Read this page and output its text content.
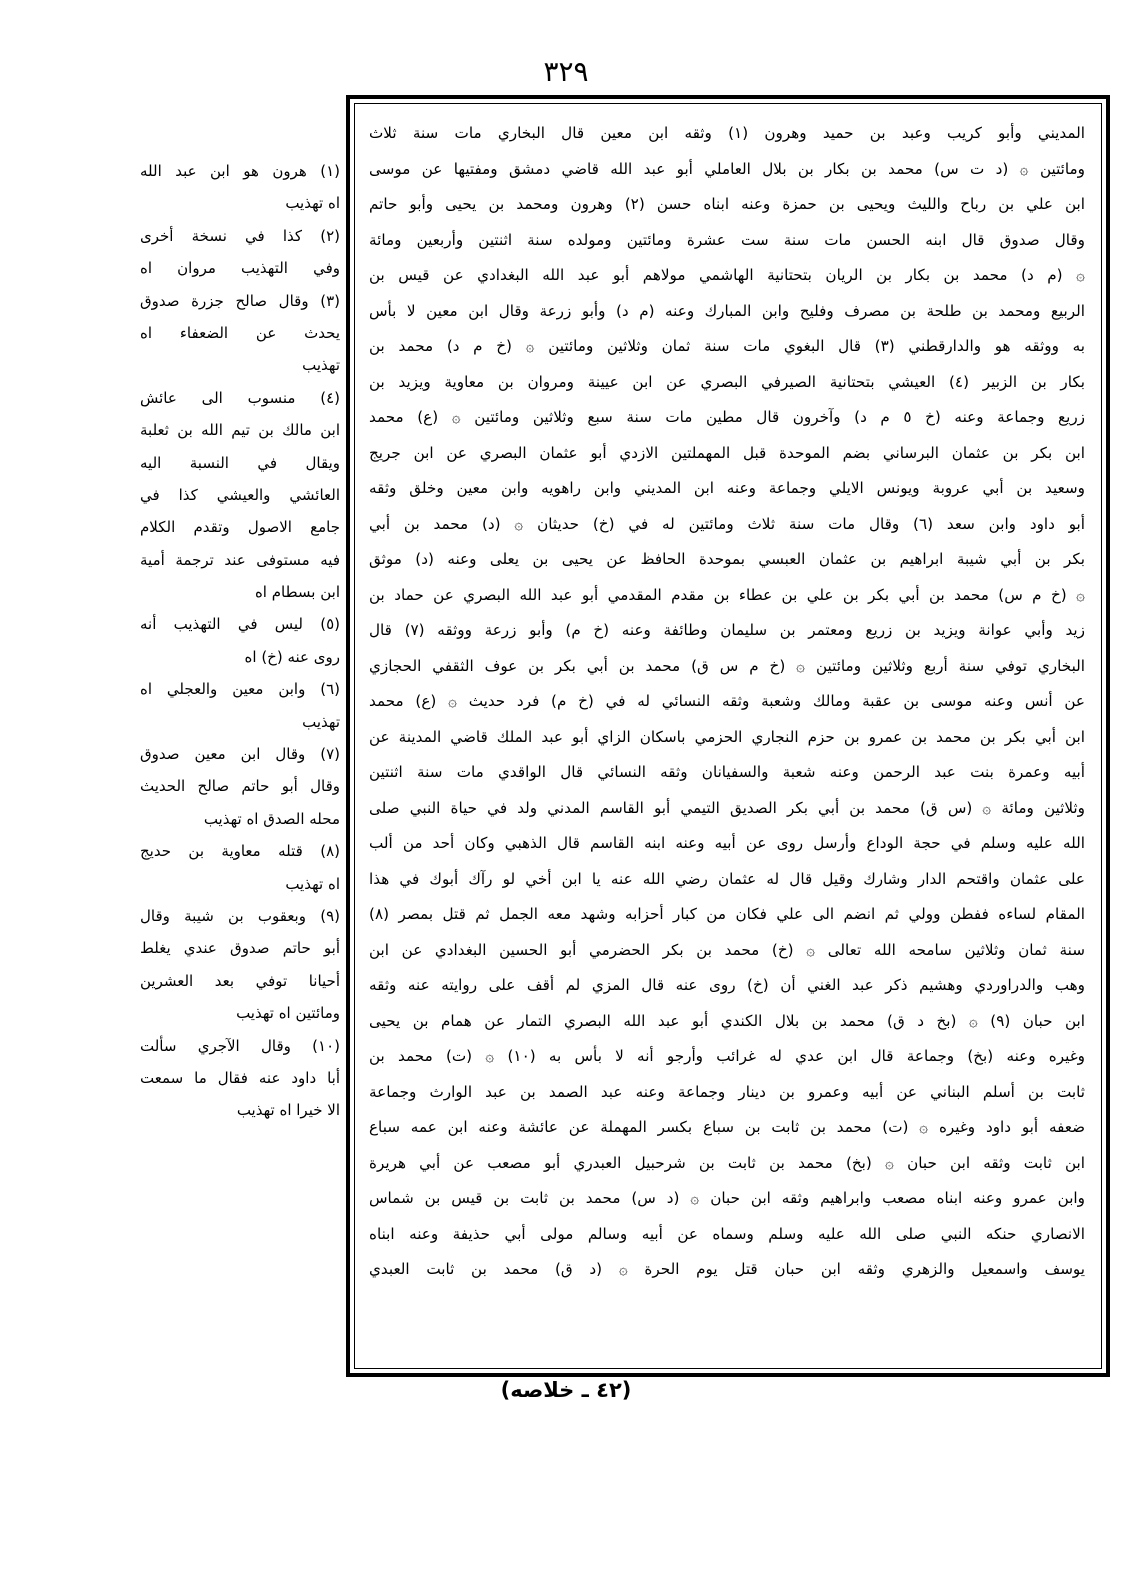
٣٢٩
المديني وأبو كريب وعبد بن حميد وهرون (١) وثقه ابن معين قال البخاري مات سنة ثلاث
ومائتين ۞ (د ت س) محمد بن بكار بن بلال العاملي أبو عبد الله قاضي دمشق ومفتيها عن موسى
ابن علي بن رباح والليث ويحيى بن حمزة وعنه ابناه حسن (٢) وهرون ومحمد بن يحيى وأبو حاتم
وقال صدوق قال ابنه الحسن مات سنة ست عشرة ومائتين ومولده سنة اثنتين وأربعين ومائة
۞ (م د) محمد بن بكار بن الريان بتحتانية الهاشمي مولاهم أبو عبد الله البغدادي عن قيس بن
الربيع ومحمد بن طلحة بن مصرف وفليح وابن المبارك وعنه (م د) وأبو زرعة وقال ابن معين لا بأس
به ووثقه هو والدارقطني (٣) قال البغوي مات سنة ثمان وثلاثين ومائتين ۞ (خ م د) محمد بن
بكار بن الزبير (٤) العيشي بتحتانية الصيرفي البصري عن ابن عيينة ومروان بن معاوية ويزيد بن
زريع وجماعة وعنه (خ ٥ م د) وآخرون قال مطين مات سنة سبع وثلاثين ومائتين ۞ (ع) محمد
ابن بكر بن عثمان البرساني بضم الموحدة قبل المهملتين الازدي أبو عثمان البصري عن ابن جريج
وسعيد بن أبي عروبة ويونس الايلي وجماعة وعنه ابن المديني وابن راهويه وابن معين وخلق وثقه
أبو داود وابن سعد (٦) وقال مات سنة ثلاث ومائتين له في (خ) حديثان ۞ (د) محمد بن أبي
بكر بن أبي شيبة ابراهيم بن عثمان العبسي بموحدة الحافظ عن يحيى بن يعلى وعنه (د) موثق
۞ (خ م س) محمد بن أبي بكر بن علي بن عطاء بن مقدم المقدمي أبو عبد الله البصري عن حماد بن
زيد وأبي عوانة ويزيد بن زريع ومعتمر بن سليمان وطائفة وعنه (خ م) وأبو زرعة ووثقه (٧) قال
البخاري توفي سنة أربع وثلاثين ومائتين ۞ (خ م س ق) محمد بن أبي بكر بن عوف الثقفي الحجازي
عن أنس وعنه موسى بن عقبة ومالك وشعبة وثقه النسائي له في (خ م) فرد حديث ۞ (ع) محمد
ابن أبي بكر بن محمد بن عمرو بن حزم النجاري الحزمي باسكان الزاي أبو عبد الملك قاضي المدينة عن
أبيه وعمرة بنت عبد الرحمن وعنه شعبة والسفيانان وثقه النسائي قال الواقدي مات سنة اثنتين
وثلاثين ومائة ۞ (س ق) محمد بن أبي بكر الصديق التيمي أبو القاسم المدني ولد في حياة النبي صلى
الله عليه وسلم في حجة الوداع وأرسل روى عن أبيه وعنه ابنه القاسم قال الذهبي وكان أحد من ألب
على عثمان واقتحم الدار وشارك وقيل قال له عثمان رضي الله عنه يا ابن أخي لو رآك أبوك في هذا
المقام لساءه ففطن وولي ثم انضم الى علي فكان من كبار أحزابه وشهد معه الجمل ثم قتل بمصر (٨)
سنة ثمان وثلاثين سامحه الله تعالى ۞ (خ) محمد بن بكر الحضرمي أبو الحسين البغدادي عن ابن
وهب والدراوردي وهشيم ذكر عبد الغني أن (خ) روى عنه قال المزي لم أقف على روايته عنه وثقه
ابن حبان (٩) ۞ (بخ د ق) محمد بن بلال الكندي أبو عبد الله البصري التمار عن همام بن يحيى
وغيره وعنه (بخ) وجماعة قال ابن عدي له غرائب وأرجو أنه لا بأس به (١٠) ۞ (ت) محمد بن
ثابت بن أسلم البناني عن أبيه وعمرو بن دينار وجماعة وعنه عبد الصمد بن عبد الوارث وجماعة
ضعفه أبو داود وغيره ۞ (ت) محمد بن ثابت بن سباع بكسر المهملة عن عائشة وعنه ابن عمه سباع
ابن ثابت وثقه ابن حبان ۞ (بخ) محمد بن ثابت بن شرحبيل العبدري أبو مصعب عن أبي هريرة
وابن عمرو وعنه ابناه مصعب وابراهيم وثقه ابن حبان ۞ (د س) محمد بن ثابت بن قيس بن شماس
الانصاري حنكه النبي صلى الله عليه وسلم وسماه عن أبيه وسالم مولى أبي حذيفة وعنه ابناه
يوسف واسمعيل والزهري وثقه ابن حبان قتل يوم الحرة ۞ (د ق) محمد بن ثابت العبدي
(١) هرون هو ابن عبد الله
اه تهذيب
(٢) كذا في نسخة أخرى
وفي التهذيب مروان اه
(٣) وقال صالح جزرة صدوق
يحدث عن الضعفاء اه
تهذيب
(٤) منسوب الى عائش
ابن مالك بن تيم الله بن ثعلبة
ويقال في النسبة اليه
العائشي والعيشي كذا في
جامع الاصول وتقدم الكلام
فيه مستوفى عند ترجمة أمية
ابن بسطام اه
(٥) ليس في التهذيب أنه
روى عنه (خ) اه
(٦) وابن معين والعجلي اه
تهذيب
(٧) وقال ابن معين صدوق
وقال أبو حاتم صالح الحديث
محله الصدق اه تهذيب
(٨) قتله معاوية بن حديج
اه تهذيب
(٩) وبعقوب بن شيبة وقال
أبو حاتم صدوق عندي يغلط
أحيانا توفي بعد العشرين
ومائتين اه تهذيب
(١٠) وقال الآجري سألت
أبا داود عنه فقال ما سمعت
الا خيرا اه تهذيب
(٤٢ ـ خلاصه)
